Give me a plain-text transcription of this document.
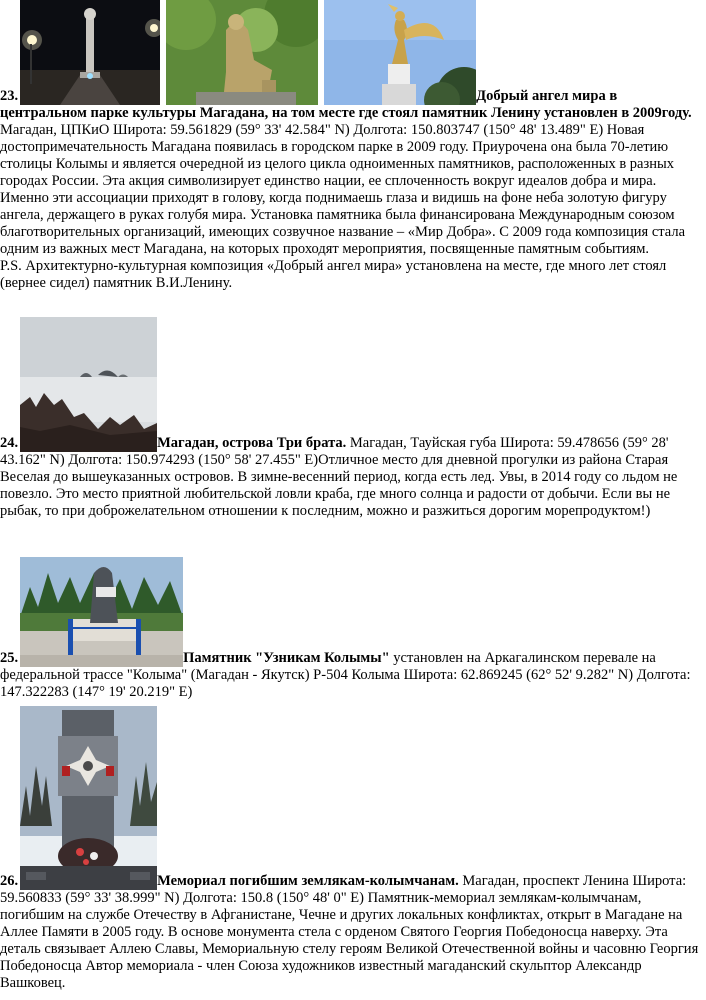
23.	Добрый ангел мира в центральном парке культуры Магадана, на том месте где стоял памятник Ленину установлен в 2009году. Магадан, ЦПКиО Широта: 59.561829 (59° 33' 42.584" N) Долгота: 150.803747 (150° 48' 13.489" E) Новая достопримечательность Магадана появилась в городском парке в 2009 году. Приурочена она была 70-летию столицы Колымы и является очередной из целого цикла одноименных памятников, расположенных в разных городах России. Эта акция символизирует единство нации, ее сплоченность вокруг идеалов добра и мира. Именно эти ассоциации приходят в голову, когда поднимаешь глаза и видишь на фоне неба золотую фигуру ангела, держащего в руках голубя мира. Установка памятника была финансирована Международным союзом благотворительных организаций, имеющих созвучное название – «Мир Добра». С 2009 года композиция стала одним из важных мест Магадана, на которых проходят мероприятия, посвященные памятным событиям.

P.S. Архитектурно-культурная композиция «Добрый ангел мира» установлена на месте, где много лет стоял (вернее сидел) памятник В.И.Ленину.

24.	Магадан, острова Три брата. Магадан, Тауйская губа Широта: 59.478656 (59° 28' 43.162" N) Долгота: 150.974293 (150° 58' 27.455" E)Отличное место для дневной прогулки из района Старая Веселая до вышеуказанных островов. В зимне-весенний период, когда есть лед. Увы, в 2014 году со льдом не повезло. Это место приятной любительской ловли краба, где много солнца и радости от добычи. Если вы не рыбак, то при доброжелательном отношении к последним, можно и разжиться дорогим морепродуктом!)

25.	Памятник "Узникам Колымы" установлен на Аркагалинском перевале на федеральной трассе "Колыма" (Магадан - Якутск) Р-504 Колыма Широта: 62.869245 (62° 52' 9.282" N) Долгота: 147.322283 (147° 19' 20.219" E)

26.	Мемориал погибшим землякам-колымчанам. Магадан, проспект Ленина Широта: 59.560833 (59° 33' 38.999" N) Долгота: 150.8 (150° 48' 0" E) Памятник-мемориал землякам-колымчанам, погибшим на службе Отечеству в Афганистане, Чечне и других локальных конфликтах, открыт в Магадане на Аллее Памяти в 2005 году. В основе монумента стела с орденом Святого Георгия Победоносца наверху. Эта деталь связывает Аллею Славы, Мемориальную стелу героям Великой Отечественной войны и часовню Георгия Победоносца Автор мемориала - член Союза художников известный магаданский скульптор Александр Вашковец.
